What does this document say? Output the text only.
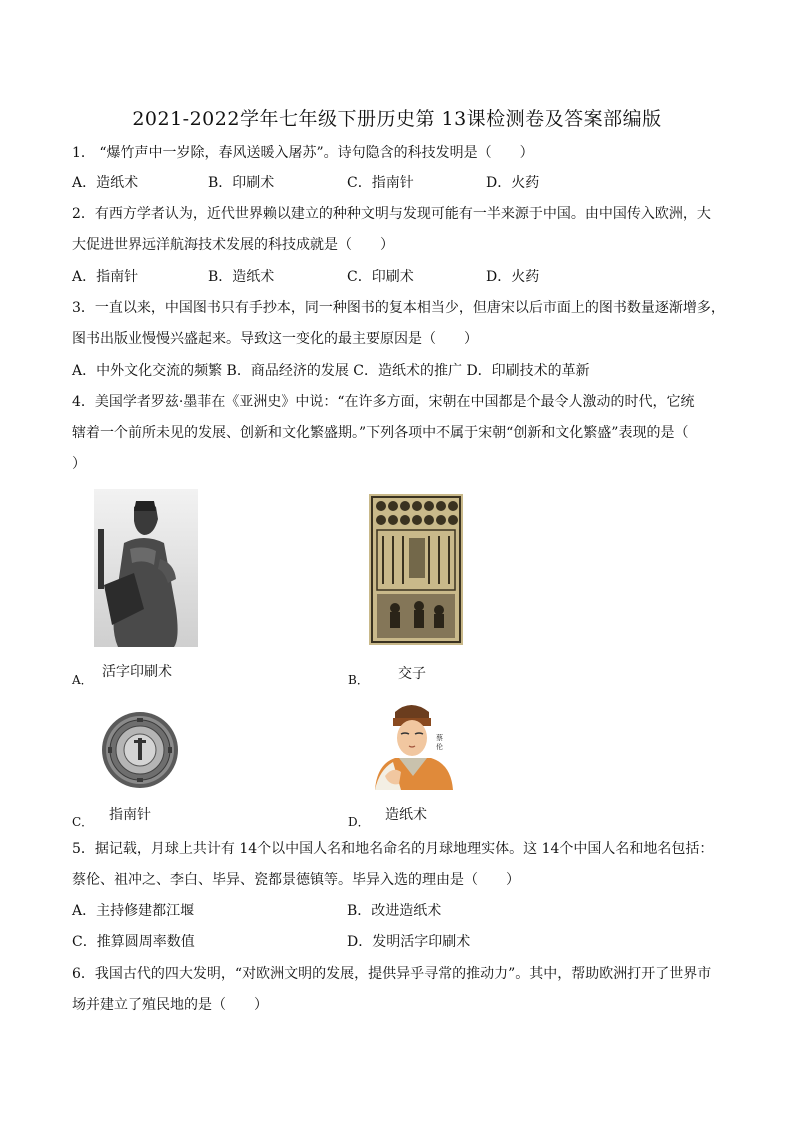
2021-2022学年七年级下册历史第 13课检测卷及答案部编版
1． “爆竹声中一岁除，春风送暖入屠苏”。诗句隐含的科技发明是（　　）
A．造纸术	B．印刷术	C．指南针	D．火药
2．有西方学者认为，近代世界赖以建立的种种文明与发现可能有一半来源于中国。由中国传入欧洲，大
大促进世界远洋航海技术发展的科技成就是（　　）
A．指南针	B．造纸术	C．印刷术	D．火药
3．一直以来，中国图书只有手抄本，同一种图书的复本相当少，但唐宋以后市面上的图书数量逐渐增多，
图书出版业慢慢兴盛起来。导致这一变化的最主要原因是（　　）
A．中外文化交流的频繁 B．商品经济的发展 C．造纸术的推广 D．印刷技术的革新
4．美国学者罗兹·墨菲在《亚洲史》中说：“在许多方面，宋朝在中国都是个最令人激动的时代，它统
辖着一个前所未见的发展、创新和文化繁盛期。”下列各项中不属于宋朝“创新和文化繁盛”表现的是（
）
A． 活字印刷术	B． 交子
C． 指南针
蔡伦
D． 造纸术
5．据记载，月球上共计有 14个以中国人名和地名命名的月球地理实体。这 14个中国人名和地名包括：
蔡伦、祖冲之、李白、毕异、瓷都景德镇等。毕异入选的理由是（　　）
A．主持修建都江堰	B．改进造纸术
C．推算圆周率数值	D．发明活字印刷术
6．我国古代的四大发明，“对欧洲文明的发展，提供异乎寻常的推动力”。其中，帮助欧洲打开了世界市
场并建立了殖民地的是（　　）
